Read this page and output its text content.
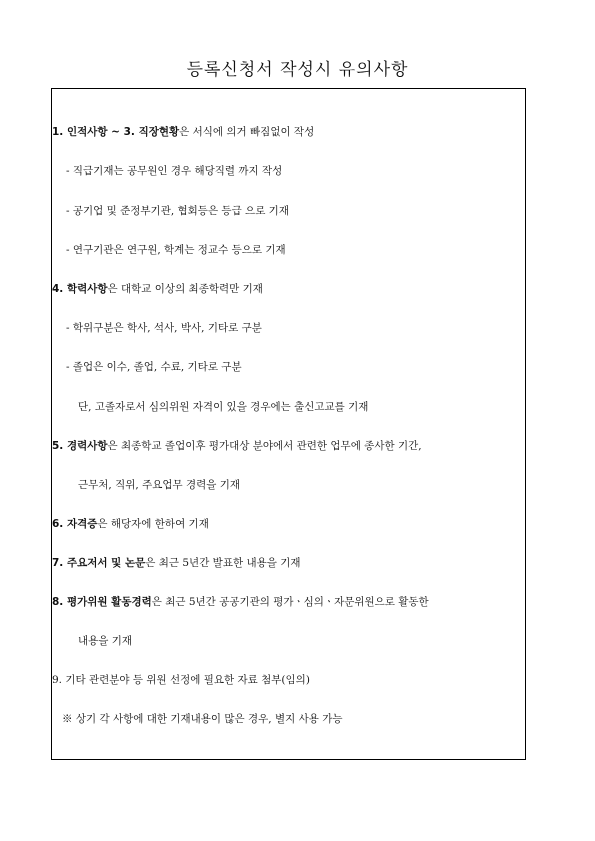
등록신청서 작성시 유의사항
1. 인적사항 ~ 3. 직장현황은 서식에 의거 빠짐없이 작성
- 직급기재는 공무원인 경우 해당직렬 까지 작성
- 공기업 및 준정부기관, 협회등은 등급 으로 기재
- 연구기관은 연구원, 학계는 정교수 등으로 기재
4. 학력사항은 대학교 이상의 최종학력만 기재
- 학위구분은 학사, 석사, 박사, 기타로 구분
- 졸업은 이수, 졸업, 수료, 기타로 구분
단, 고졸자로서 심의위원 자격이 있을 경우에는 출신고교를 기재
5. 경력사항은 최종학교 졸업이후 평가대상 분야에서 관련한 업무에 종사한 기간,
근무처, 직위, 주요업무 경력을 기재
6. 자격증은 해당자에 한하여 기재
7. 주요저서 및 논문은 최근 5년간 발표한 내용을 기재
8. 평가위원 활동경력은 최근 5년간 공공기관의 평가ㆍ심의ㆍ자문위원으로 활동한
내용을 기재
9. 기타 관련분야 등 위원 선정에 필요한 자료 첨부(임의)
※ 상기 각 사항에 대한 기재내용이 많은 경우, 별지 사용 가능
